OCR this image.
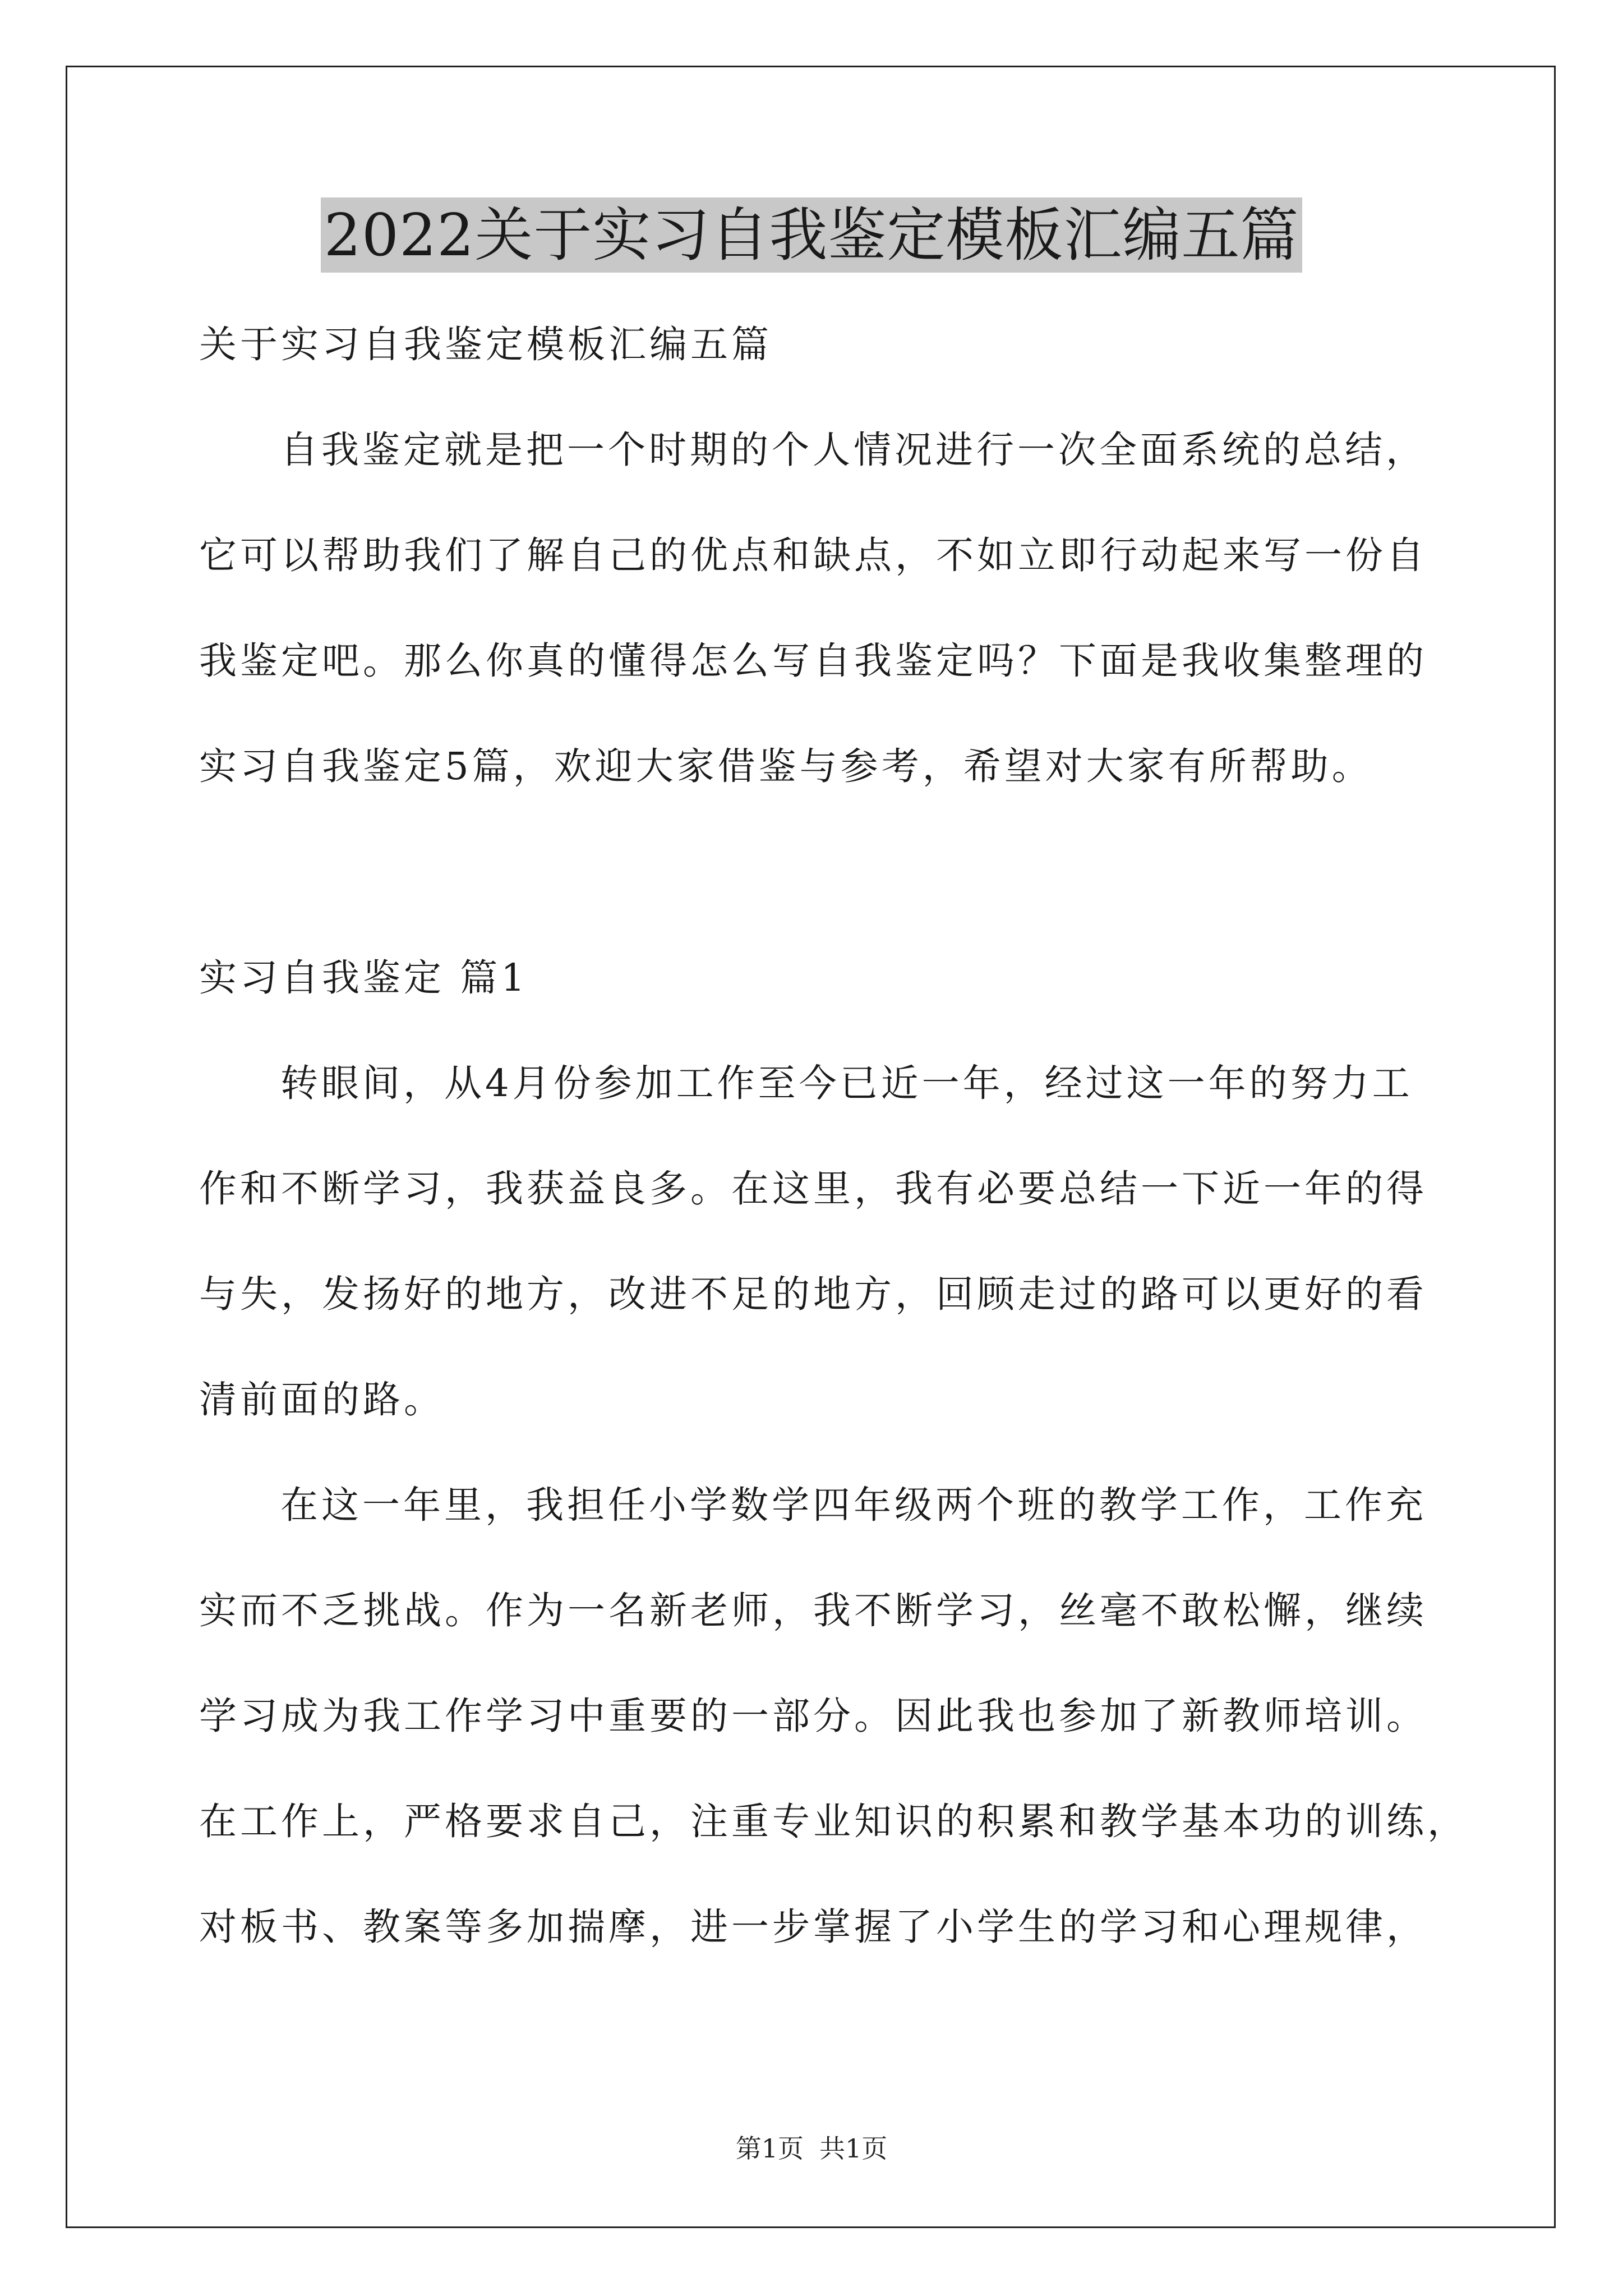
2022关于实习自我鉴定模板汇编五篇
关于实习自我鉴定模板汇编五篇
自我鉴定就是把一个时期的个人情况进行一次全面系统的总结，
它可以帮助我们了解自己的优点和缺点，不如立即行动起来写一份自
我鉴定吧。那么你真的懂得怎么写自我鉴定吗？下面是我收集整理的
实习自我鉴定5篇，欢迎大家借鉴与参考，希望对大家有所帮助。
实习自我鉴定 篇1
转眼间，从4月份参加工作至今已近一年，经过这一年的努力工
作和不断学习，我获益良多。在这里，我有必要总结一下近一年的得
与失，发扬好的地方，改进不足的地方，回顾走过的路可以更好的看
清前面的路。
在这一年里，我担任小学数学四年级两个班的教学工作，工作充
实而不乏挑战。作为一名新老师，我不断学习，丝毫不敢松懈，继续
学习成为我工作学习中重要的一部分。因此我也参加了新教师培训。
在工作上，严格要求自己，注重专业知识的积累和教学基本功的训练，
对板书、教案等多加揣摩，进一步掌握了小学生的学习和心理规律，
第1页 共1页
